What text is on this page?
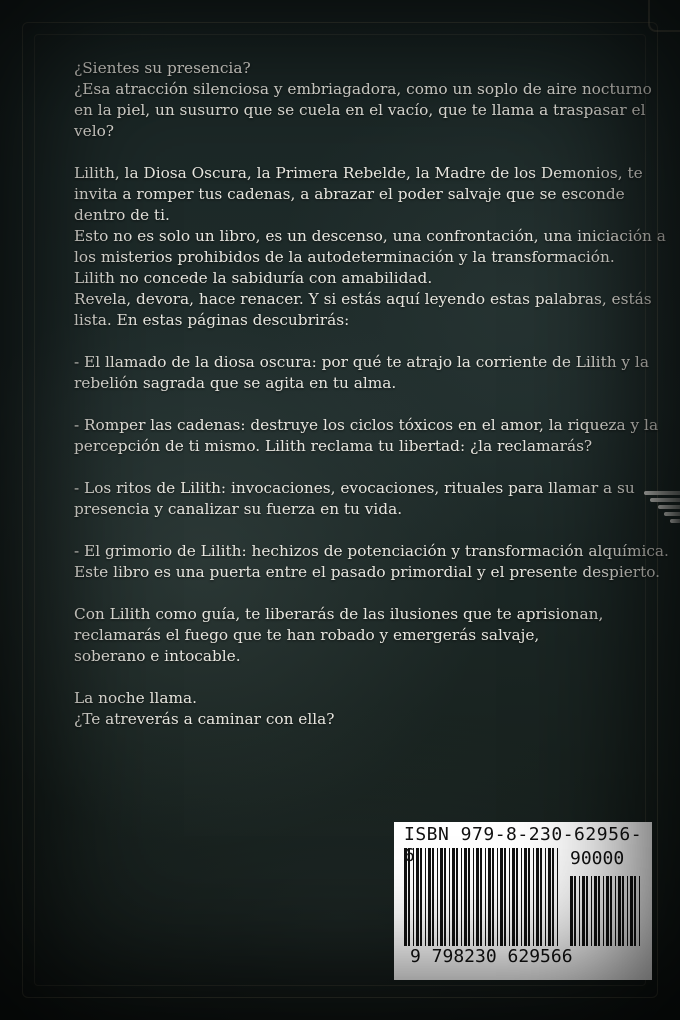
¿Sientes su presencia?

¿Esa atracción silenciosa y embriagadora, como un soplo de aire nocturno

en la piel, un susurro que se cuela en el vacío, que te llama a traspasar el

velo?

Lilith, la Diosa Oscura, la Primera Rebelde, la Madre de los Demonios, te

invita a romper tus cadenas, a abrazar el poder salvaje que se esconde

dentro de ti.

Esto no es solo un libro, es un descenso, una confrontación, una iniciación a

los misterios prohibidos de la autodeterminación y la transformación.

Lilith no concede la sabiduría con amabilidad.

Revela, devora, hace renacer. Y si estás aquí leyendo estas palabras, estás

lista. En estas páginas descubrirás:

- El llamado de la diosa oscura: por qué te atrajo la corriente de Lilith y la

rebelión sagrada que se agita en tu alma.

- Romper las cadenas: destruye los ciclos tóxicos en el amor, la riqueza y la

percepción de ti mismo. Lilith reclama tu libertad: ¿la reclamarás?

- Los ritos de Lilith: invocaciones, evocaciones, rituales para llamar a su

presencia y canalizar su fuerza en tu vida.

- El grimorio de Lilith: hechizos de potenciación y transformación alquímica.

Este libro es una puerta entre el pasado primordial y el presente despierto.

Con Lilith como guía, te liberarás de las ilusiones que te aprisionan,

reclamarás el fuego que te han robado y emergerás salvaje,

soberano e intocable.

La noche llama.

¿Te atreverás a caminar con ella?

ISBN 979-8-230-62956-6	90000
9 798230 629566
